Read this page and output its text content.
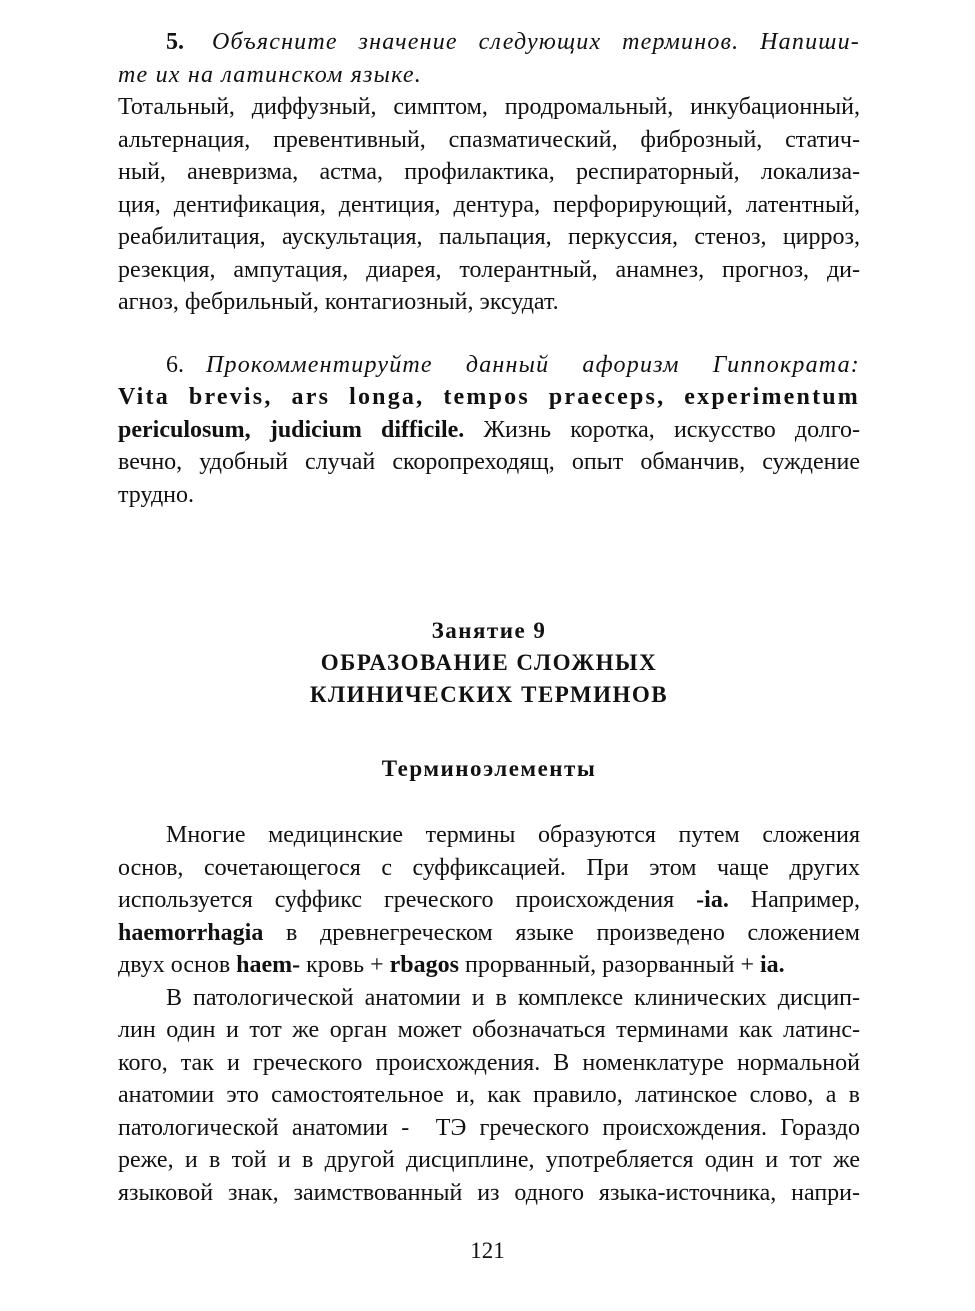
5. Объясните значение следующих терминов. Напиши-
те их на латинском языке.
Тотальный, диффузный, симптом, продромальный, инкубационный,
альтернация, превентивный, спазматический, фиброзный, статич-
ный, аневризма, астма, профилактика, респираторный, локализа-
ция, дентификация, дентиция, дентура, перфорирующий, латентный,
реабилитация, аускультация, пальпация, перкуссия, стеноз, цирроз,
резекция, ампутация, диарея, толерантный, анамнез, прогноз, ди-
агноз, фебрильный, контагиозный, эксудат.
6. Прокомментируйте данный афоризм Гиппократа:
Vita brevis, ars longa, tempos praeceps, experimentum
periculosum, judicium difficile. Жизнь коротка, искусство долго-
вечно, удобный случай скоропреходящ, опыт обманчив, суждение
трудно.
Занятие 9
ОБРАЗОВАНИЕ СЛОЖНЫХ
КЛИНИЧЕСКИХ ТЕРМИНОВ
Терминоэлементы
Многие медицинские термины образуются путем сложения
основ, сочетающегося с суффиксацией. При этом чаще других
используется суффикс греческого происхождения -ia. Например,
haemorrhagia в древнегреческом языке произведено сложением
двух основ haem- кровь + rbagos прорванный, разорванный + ia.
В патологической анатомии и в комплексе клинических дисцип-
лин один и тот же орган может обозначаться терминами как латинс-
кого, так и греческого происхождения. В номенклатуре нормальной
анатомии это самостоятельное и, как правило, латинское слово, а в
патологической анатомии -  ТЭ греческого происхождения. Гораздо
реже, и в той и в другой дисциплине, употребляется один и тот же
языковой знак, заимствованный из одного языка-источника, напри-
121
